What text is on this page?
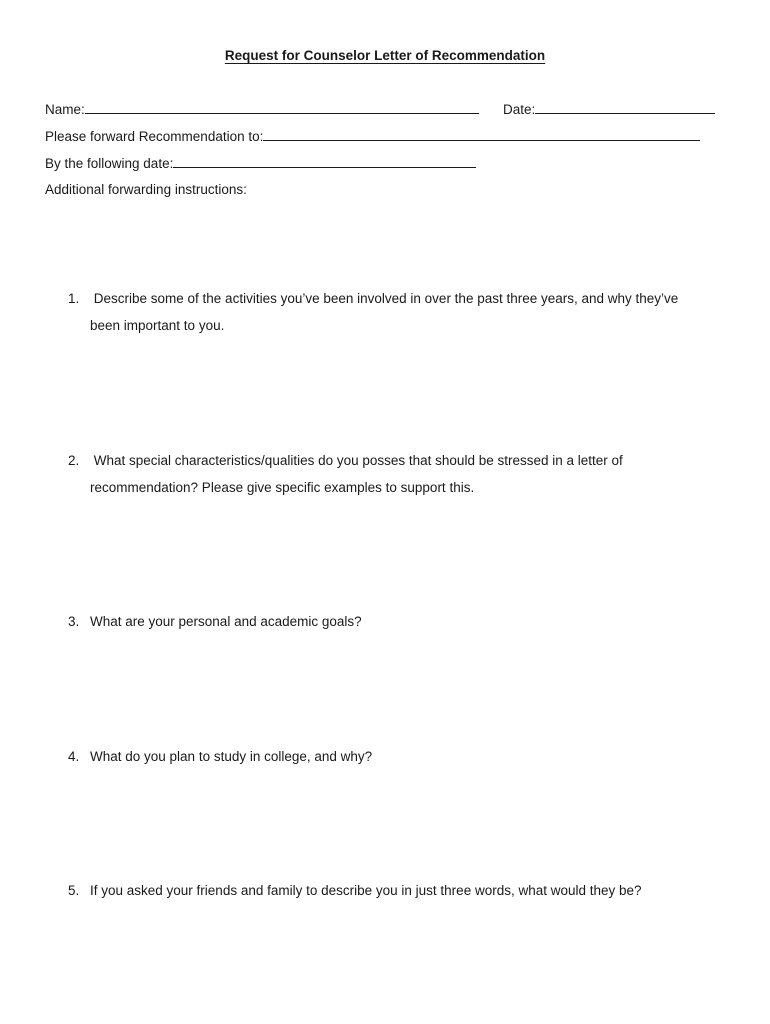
Request for Counselor Letter of Recommendation
Name:	Date:
Please forward Recommendation to:
By the following date:
Additional forwarding instructions:
1. Describe some of the activities you’ve been involved in over the past three years, and why they’ve
been important to you.
2. What special characteristics/qualities do you posses that should be stressed in a letter of
recommendation? Please give specific examples to support this.
3. What are your personal and academic goals?
4. What do you plan to study in college, and why?
5. If you asked your friends and family to describe you in just three words, what would they be?
